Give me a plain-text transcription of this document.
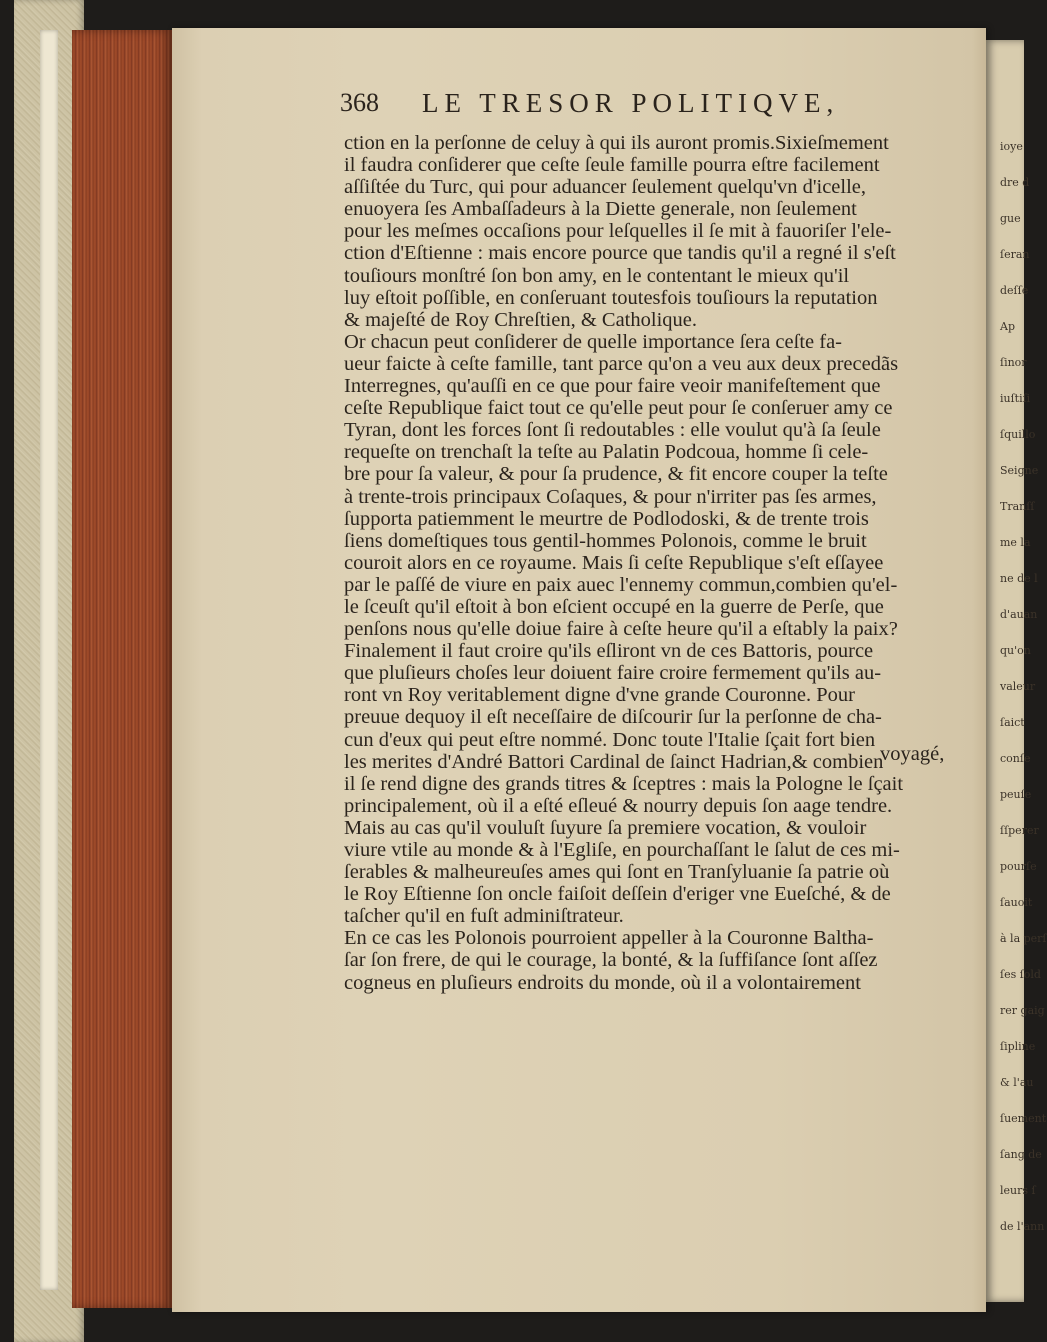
ioye
dre d
gue
ſeran
deſſe
Ap
ſinor
iuſtiſi
ſquillo
Seigne
Tranſſ
me la
ne de l
d'auan
qu'on
valeur
ſaict
conſe
peuſe
ſſperer
pourſe
ſauoit
à la perſ
ſes ſold
rer gaig
ſipline
& l'au
ſuement
ſang de
leurs ſ
de l'ann
368 LE TRESOR POLITIQVE,
ction en la perſonne de celuy à qui ils auront promis.Sixieſmement
il faudra conſiderer que ceſte ſeule famille pourra eſtre facilement
aſſiſtée du Turc, qui pour aduancer ſeulement quelqu'vn d'icelle,
enuoyera ſes Ambaſſadeurs à la Diette generale, non ſeulement
pour les meſmes occaſions pour leſquelles il ſe mit à fauoriſer l'ele-
ction d'Eſtienne : mais encore pource que tandis qu'il a regné il s'eſt
touſiours monſtré ſon bon amy, en le contentant le mieux qu'il
luy eſtoit poſſible, en conſeruant toutesfois touſiours la reputation
& majeſté de Roy Chreſtien, & Catholique.
Or chacun peut conſiderer de quelle importance ſera ceſte fa-
ueur faicte à ceſte famille, tant parce qu'on a veu aux deux precedãs
Interregnes, qu'auſſi en ce que pour faire veoir manifeſtement que
ceſte Republique faict tout ce qu'elle peut pour ſe conſeruer amy ce
Tyran, dont les forces ſont ſi redoutables : elle voulut qu'à ſa ſeule
requeſte on trenchaſt la teſte au Palatin Podcoua, homme ſi cele-
bre pour ſa valeur, & pour ſa prudence, & fit encore couper la teſte
à trente-trois principaux Coſaques, & pour n'irriter pas ſes armes,
ſupporta patiemment le meurtre de Podlodoski, & de trente trois
ſiens domeſtiques tous gentil-hommes Polonois, comme le bruit
couroit alors en ce royaume. Mais ſi ceſte Republique s'eſt eſſayee
par le paſſé de viure en paix auec l'ennemy commun,combien qu'el-
le ſceuſt qu'il eſtoit à bon eſcient occupé en la guerre de Perſe, que
penſons nous qu'elle doiue faire à ceſte heure qu'il a eſtably la paix?
Finalement il faut croire qu'ils eſliront vn de ces Battoris, pource
que pluſieurs choſes leur doiuent faire croire fermement qu'ils au-
ront vn Roy veritablement digne d'vne grande Couronne. Pour
preuue dequoy il eſt neceſſaire de diſcourir ſur la perſonne de cha-
cun d'eux qui peut eſtre nommé. Donc toute l'Italie ſçait fort bien
les merites d'André Battori Cardinal de ſainct Hadrian,& combien
il ſe rend digne des grands titres & ſceptres : mais la Pologne le ſçait
principalement, où il a eſté eſleué & nourry depuis ſon aage tendre.
Mais au cas qu'il vouluſt ſuyure ſa premiere vocation, & vouloir
viure vtile au monde & à l'Egliſe, en pourchaſſant le ſalut de ces mi-
ſerables & malheureuſes ames qui ſont en Tranſyluanie ſa patrie où
le Roy Eſtienne ſon oncle faiſoit deſſein d'eriger vne Eueſché, & de
taſcher qu'il en fuſt adminiſtrateur.
En ce cas les Polonois pourroient appeller à la Couronne Baltha-
ſar ſon frere, de qui le courage, la bonté, & la ſuffiſance ſont aſſez
cogneus en pluſieurs endroits du monde, où il a volontairement
voyagé,
